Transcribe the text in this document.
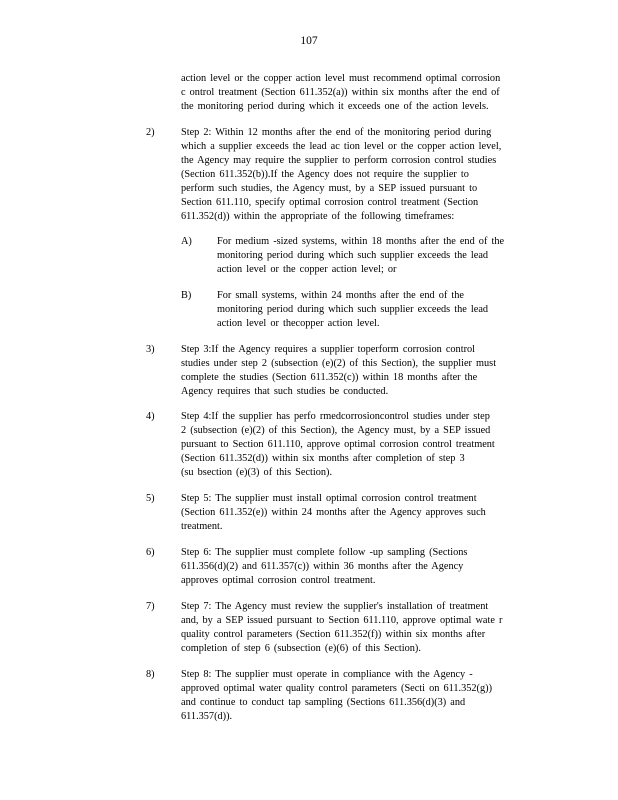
107
action level or the copper action level must recommend optimal corrosion
c ontrol treatment (Section 611.352(a)) within six months after the end of
the monitoring period during which it exceeds one of the action levels.
2)	Step 2: Within 12 months after the end of the monitoring period during
which a supplier exceeds the lead ac tion level or the copper action level,
the Agency may require the supplier to perform corrosion control studies
(Section 611.352(b)).If the Agency does not require the supplier to
perform such studies, the Agency must, by a SEP issued pursuant to
Section 611.110, specify optimal corrosion control treatment (Section
611.352(d)) within the appropriate of the following timeframes:
A) For medium -sized systems, within 18 months after the end of the
monitoring period during which such supplier exceeds the lead
action level or the copper action level; or
B) For small systems, within 24 months after the end of the
monitoring period during which such supplier exceeds the lead
action level or thecopper action level.
3)	Step 3:If the Agency requires a supplier toperform corrosion control
studies under step 2 (subsection (e)(2) of this Section), the supplier must
complete the studies (Section 611.352(c)) within 18 months after the
Agency requires that such studies be conducted.
4)	Step 4:If the supplier has perfo rmedcorrosioncontrol studies under step
2 (subsection (e)(2) of this Section), the Agency must, by a SEP issued
pursuant to Section 611.110, approve optimal corrosion control treatment
(Section 611.352(d)) within six months after completion of step 3
(su bsection (e)(3) of this Section).
5)	Step 5: The supplier must install optimal corrosion control treatment
(Section 611.352(e)) within 24 months after the Agency approves such
treatment.
6)	Step 6: The supplier must complete follow -up sampling (Sections
611.356(d)(2) and 611.357(c)) within 36 months after the Agency
approves optimal corrosion control treatment.
7)	Step 7: The Agency must review the supplier's installation of treatment
and, by a SEP issued pursuant to Section 611.110, approve optimal wate r
quality control parameters (Section 611.352(f)) within six months after
completion of step 6 (subsection (e)(6) of this Section).
8)	Step 8: The supplier must operate in compliance with the Agency -
approved optimal water quality control parameters (Secti on 611.352(g))
and continue to conduct tap sampling (Sections 611.356(d)(3) and
611.357(d)).
